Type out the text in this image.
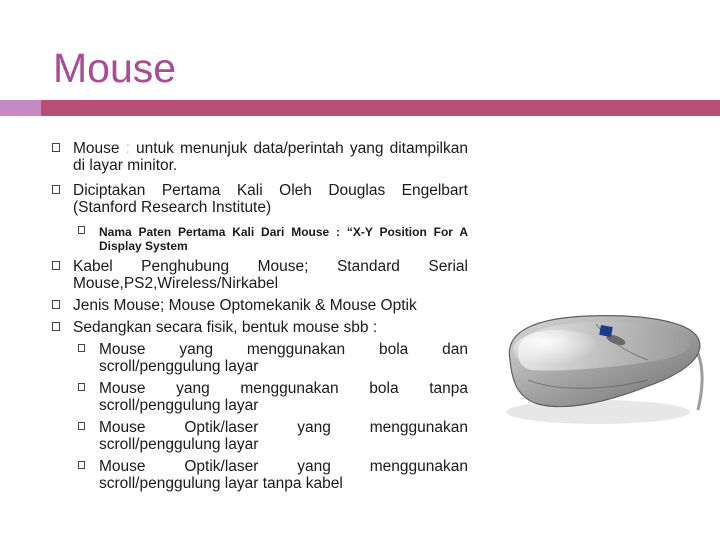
Mouse
Mouse : untuk menunjuk data/perintah yang ditampilkan di layar minitor.
Diciptakan Pertama Kali Oleh Douglas Engelbart (Stanford Research Institute)
Nama Paten Pertama Kali Dari Mouse : “X-Y Position For A Display System
Kabel Penghubung Mouse; Standard Serial Mouse,PS2,Wireless/Nirkabel
Jenis Mouse; Mouse Optomekanik & Mouse Optik
Sedangkan secara fisik, bentuk mouse sbb :
Mouse yang menggunakan bola dan scroll/penggulung layar
Mouse yang menggunakan bola tanpa scroll/penggulung layar
Mouse Optik/laser yang menggunakan scroll/penggulung layar
Mouse Optik/laser yang menggunakan scroll/penggulung layar tanpa kabel
